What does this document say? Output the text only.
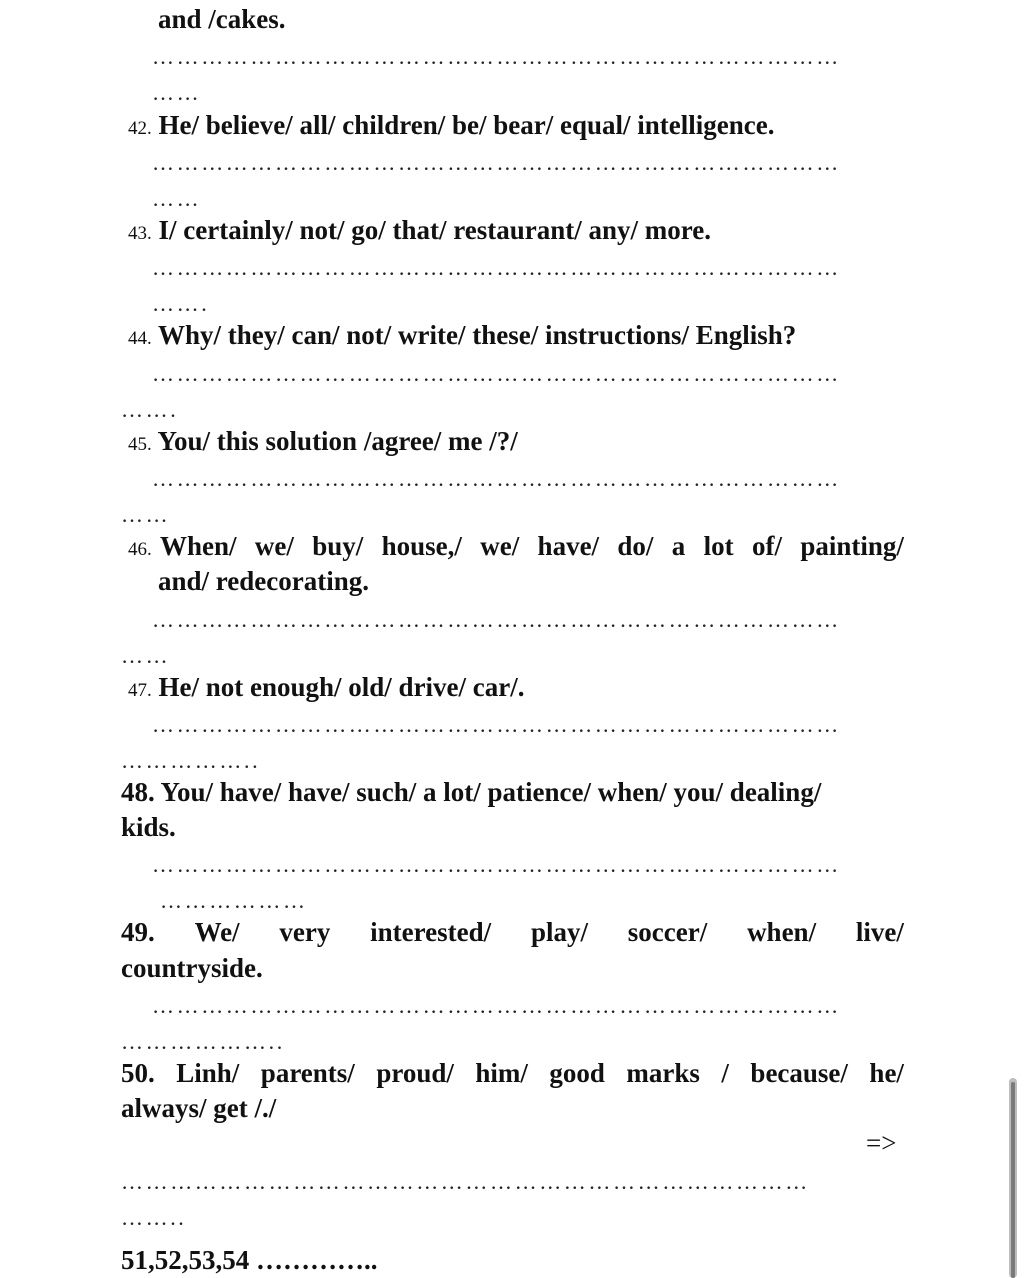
and /cakes.
…………………………………………………………………………
……
42. He/ believe/ all/ children/ be/ bear/ equal/ intelligence.
…………………………………………………………………………
……
43. I/ certainly/ not/ go/ that/ restaurant/ any/ more.
…………………………………………………………………………
…….
44. Why/ they/ can/ not/ write/ these/ instructions/ English?
…………………………………………………………………………
…….
45. You/ this solution /agree/ me /?/
…………………………………………………………………………
……
46. When/ we/ buy/ house,/ we/ have/ do/ a lot of/ painting/
and/ redecorating.
…………………………………………………………………………
……
47. He/ not enough/ old/ drive/ car/.
…………………………………………………………………………
……………..
48. You/ have/ have/ such/ a lot/ patience/ when/ you/ dealing/
kids.
…………………………………………………………………………
………………
49. We/ very interested/ play/ soccer/ when/ live/
countryside.
…………………………………………………………………………
………………..
50. Linh/ parents/ proud/ him/ good marks / because/ he/
always/ get /./
=>
…………………………………………………………………………
……..
51,52,53,54 …………..
